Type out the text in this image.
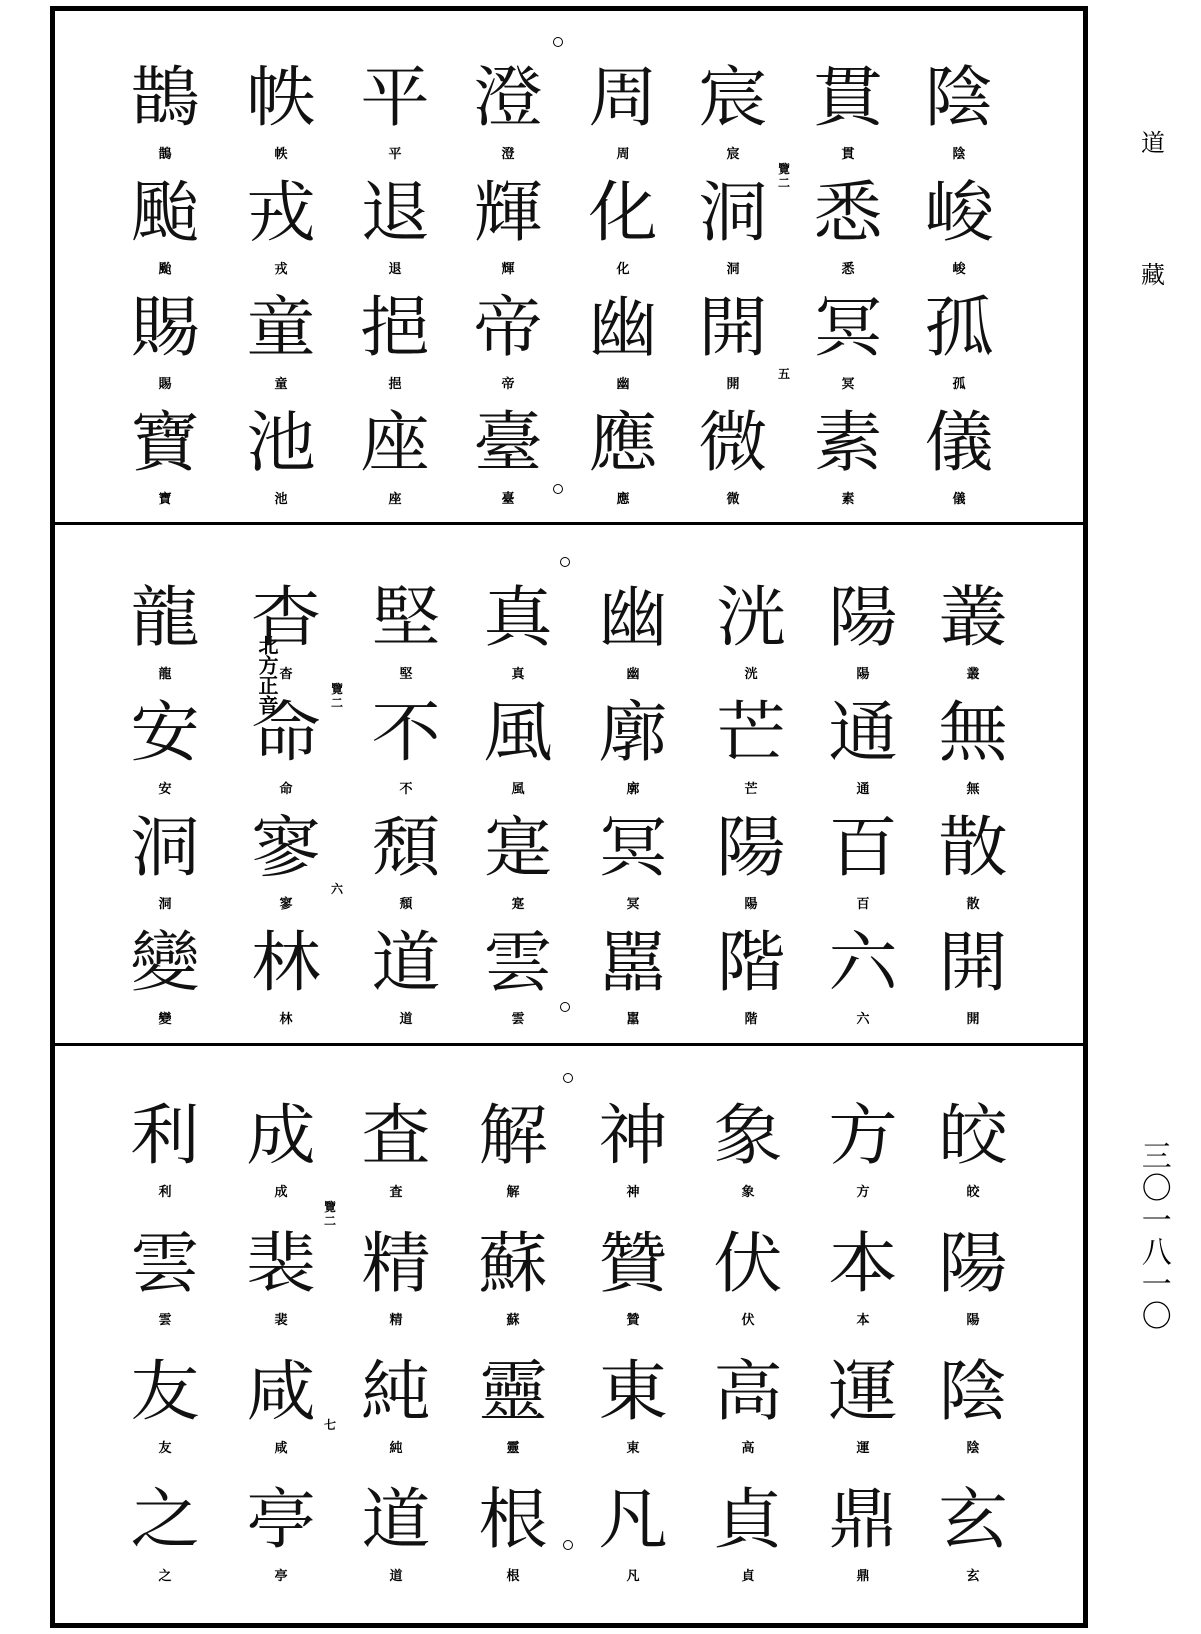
道
藏
三〇一八一〇
覽二
五
陰
陰
峻
峻
孤
孤
儀
儀
貫
貫
悉
悉
冥
冥
素
素
宸
宸
洞
洞
開
開
微
微
周
周
化
化
幽
幽
應
應
澄
澄
輝
輝
帝
帝
臺
臺
平
平
退
退
挹
挹
座
座
帙
帙
戎
戎
童
童
池
池
鵲
鵲
颱
颱
賜
賜
寶
寶
覽二
六
北方正音
叢
叢
無
無
散
散
開
開
陽
陽
通
通
百
百
六
六
洸
洸
芒
芒
陽
陽
階
階
幽
幽
廓
廓
冥
冥
嚚
嚚
真
真
風
風
寔
寔
雲
雲
堅
堅
不
不
頹
頹
道
道
杳
杳
命
命
寥
寥
林
林
龍
龍
安
安
洞
洞
變
變
覽二
七
皎
皎
陽
陽
陰
陰
玄
玄
方
方
本
本
運
運
鼎
鼎
象
象
伏
伏
高
高
貞
貞
神
神
贊
贊
東
東
凡
凡
解
解
蘇
蘇
靈
靈
根
根
査
査
精
精
純
純
道
道
成
成
裴
裴
咸
咸
亭
亭
利
利
雲
雲
友
友
之
之
